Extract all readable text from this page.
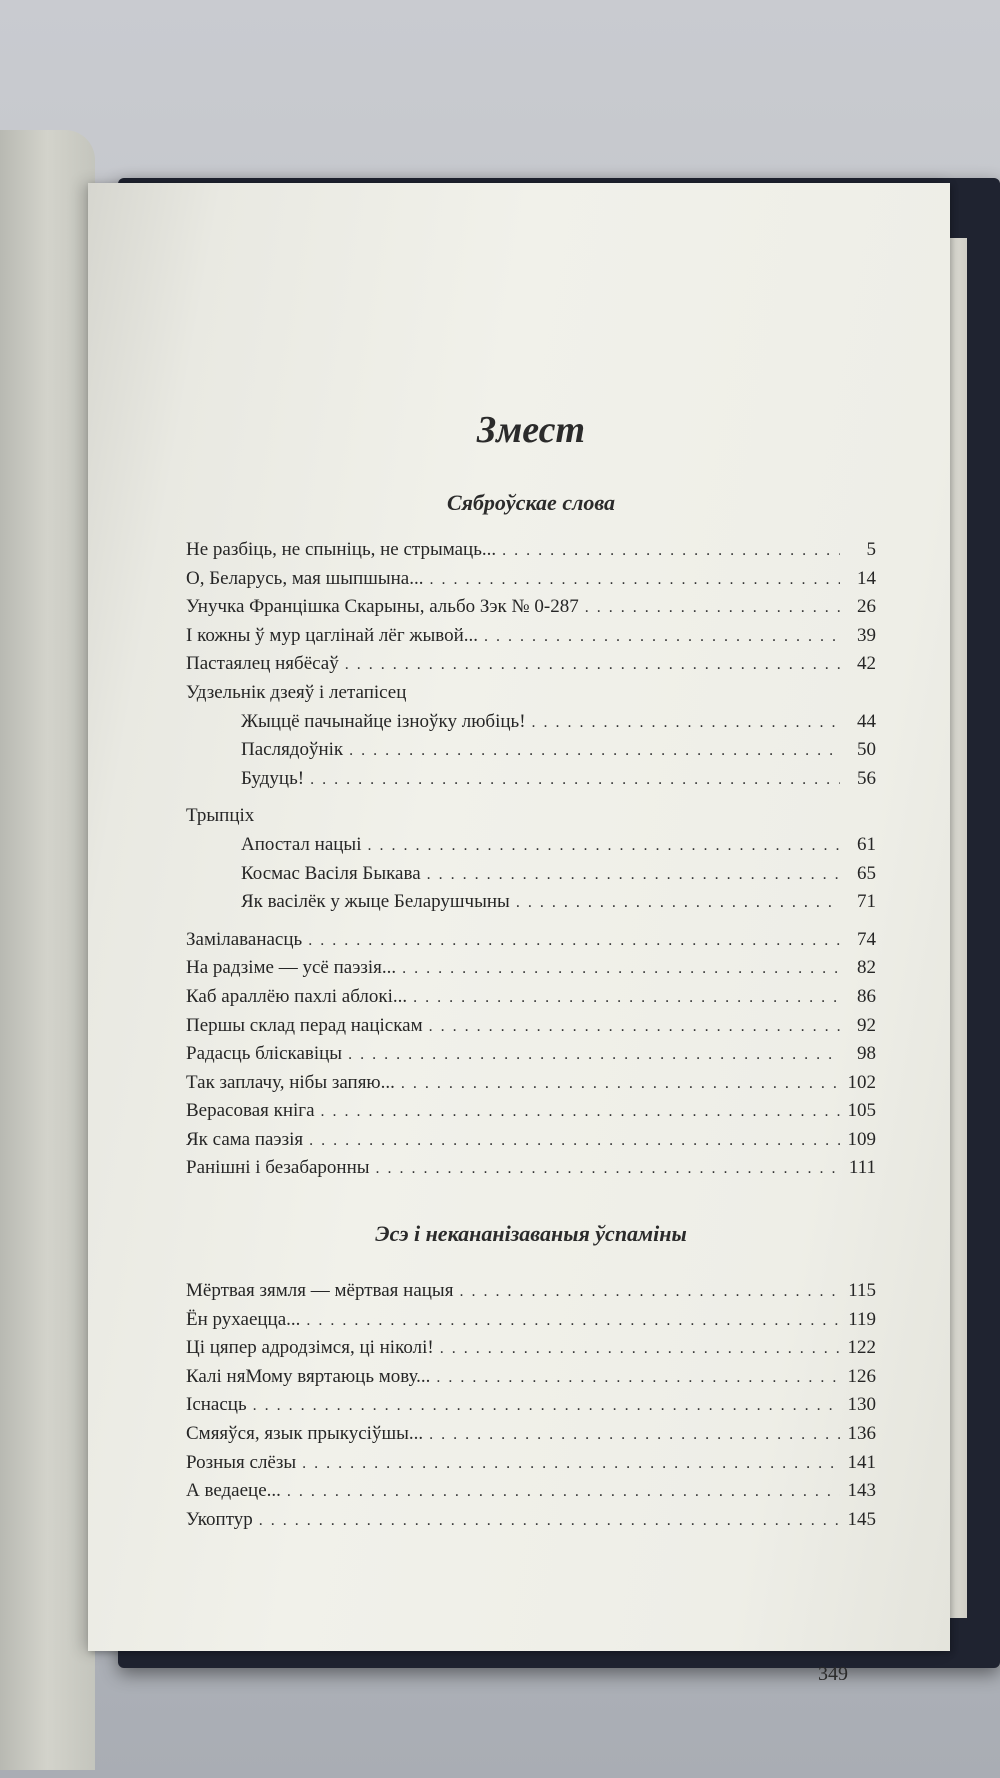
Змест
Сяброўскае слова
Не разбіць, не спыніць, не стрымаць... . . .	5
О, Беларусь, мая шыпшына... . . .	14
Унучка Францішка Скарыны, альбо Зэк № 0-287 . . .	26
І кожны ў мур цаглінай лёг жывой... . . .	39
Пастаялец нябёсаў . . .	42
Удзельнік дзеяў і летапісец
Жыццё пачынайце ізноўку любіць! . . .	44
Паслядоўнік . . .	50
Будуць! . . .	56
Трыпціх
Апостал нацыі . . .	61
Космас Васіля Быкава . . .	65
Як васілёк у жыце Беларушчыны . . .	71
Замілаванасць . . .	74
На радзіме — усё паэзія... . . .	82
Каб араллёю пахлі аблокі... . . .	86
Першы склад перад націскам . . .	92
Радасць бліскавіцы . . .	98
Так заплачу, нібы запяю... . . .	102
Верасовая кніга . . .	105
Як сама паэзія . . .	109
Ранішні і безабаронны . . .	111
Эсэ і некананізаваныя ўспаміны
Мёртвая зямля — мёртвая нацыя . . .	115
Ён рухаецца... . . .	119
Ці цяпер адродзімся, ці ніколі! . . .	122
Калі няМому вяртаюць мову... . . .	126
Існасць . . .	130
Смяяўся, язык прыкусіўшы... . . .	136
Розныя слёзы . . .	141
А ведаеце... . . .	143
Укоптур . . .	145
349
